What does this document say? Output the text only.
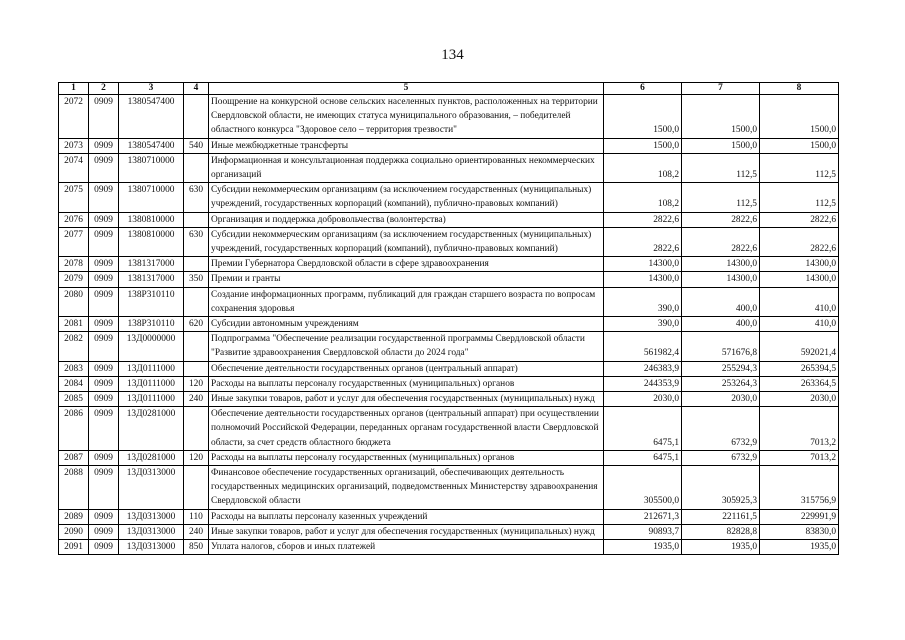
134
1	2	3	4	5	6	7	8
2072	0909	1380547400		Поощрение на конкурсной основе сельских населенных пунктов, расположенных на территории Свердловской области, не имеющих статуса муниципального образования, – победителей областного конкурса "Здоровое село – территория трезвости"	1500,0	1500,0	1500,0
2073	0909	1380547400	540	Иные межбюджетные трансферты	1500,0	1500,0	1500,0
2074	0909	1380710000		Информационная и консультационная поддержка социально ориентированных некоммерческих организаций	108,2	112,5	112,5
2075	0909	1380710000	630	Субсидии некоммерческим организациям (за исключением государственных (муниципальных) учреждений, государственных корпораций (компаний), публично-правовых компаний)	108,2	112,5	112,5
2076	0909	1380810000		Организация и поддержка добровольчества (волонтерства)	2822,6	2822,6	2822,6
2077	0909	1380810000	630	Субсидии некоммерческим организациям (за исключением государственных (муниципальных) учреждений, государственных корпораций (компаний), публично-правовых компаний)	2822,6	2822,6	2822,6
2078	0909	1381317000		Премии Губернатора Свердловской области в сфере здравоохранения	14300,0	14300,0	14300,0
2079	0909	1381317000	350	Премии и гранты	14300,0	14300,0	14300,0
2080	0909	138P310110		Создание информационных программ, публикаций для граждан старшего возраста по вопросам сохранения здоровья	390,0	400,0	410,0
2081	0909	138P310110	620	Субсидии автономным учреждениям	390,0	400,0	410,0
2082	0909	13Д0000000		Подпрограмма "Обеспечение реализации государственной программы Свердловской области "Развитие здравоохранения Свердловской области до 2024 года"	561982,4	571676,8	592021,4
2083	0909	13Д0111000		Обеспечение деятельности государственных органов (центральный аппарат)	246383,9	255294,3	265394,5
2084	0909	13Д0111000	120	Расходы на выплаты персоналу государственных (муниципальных) органов	244353,9	253264,3	263364,5
2085	0909	13Д0111000	240	Иные закупки товаров, работ и услуг для обеспечения государственных (муниципальных) нужд	2030,0	2030,0	2030,0
2086	0909	13Д0281000		Обеспечение деятельности государственных органов (центральный аппарат) при осуществлении полномочий Российской Федерации, переданных органам государственной власти Свердловской области, за счет средств областного бюджета	6475,1	6732,9	7013,2
2087	0909	13Д0281000	120	Расходы на выплаты персоналу государственных (муниципальных) органов	6475,1	6732,9	7013,2
2088	0909	13Д0313000		Финансовое обеспечение государственных организаций, обеспечивающих деятельность государственных медицинских организаций, подведомственных Министерству здравоохранения Свердловской области	305500,0	305925,3	315756,9
2089	0909	13Д0313000	110	Расходы на выплаты персоналу казенных учреждений	212671,3	221161,5	229991,9
2090	0909	13Д0313000	240	Иные закупки товаров, работ и услуг для обеспечения государственных (муниципальных) нужд	90893,7	82828,8	83830,0
2091	0909	13Д0313000	850	Уплата налогов, сборов и иных платежей	1935,0	1935,0	1935,0
